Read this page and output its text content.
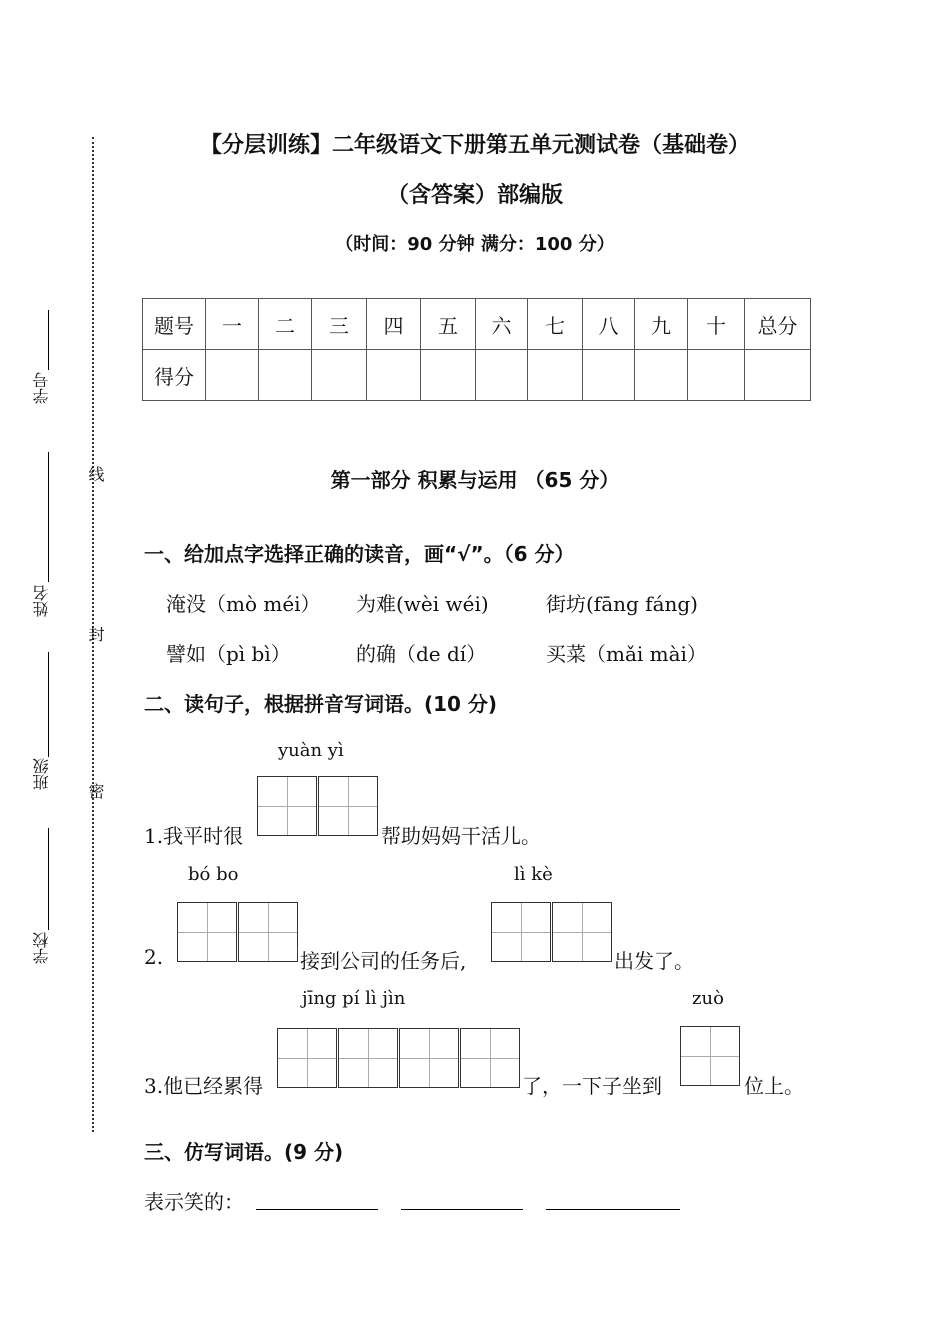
学号
姓名
班级
学校
线
封
密
【分层训练】二年级语文下册第五单元测试卷（基础卷）
（含答案）部编版
（时间：90 分钟 满分：100 分）
题号	一	二	三	四	五	六	七	八	九	十	总分
得分											
第一部分 积累与运用 （65 分）
一、给加点字选择正确的读音，画“√”。（6 分）
淹没（mò méi） 为难(wèi wéi)	街坊(fāng fáng)
譬如（pì bì）	的确（de dí）	买菜（mǎi mài）
二、读句子，根据拼音写词语。(10 分)
yuàn yì
1.我平时很	帮助妈妈干活儿。
bó bo	lì kè
2.	接到公司的任务后,	出发了。
jīng pí lì jìn	zuò
3.他已经累得	了，一下子坐到	位上。
三、仿写词语。(9 分)
表示笑的：
